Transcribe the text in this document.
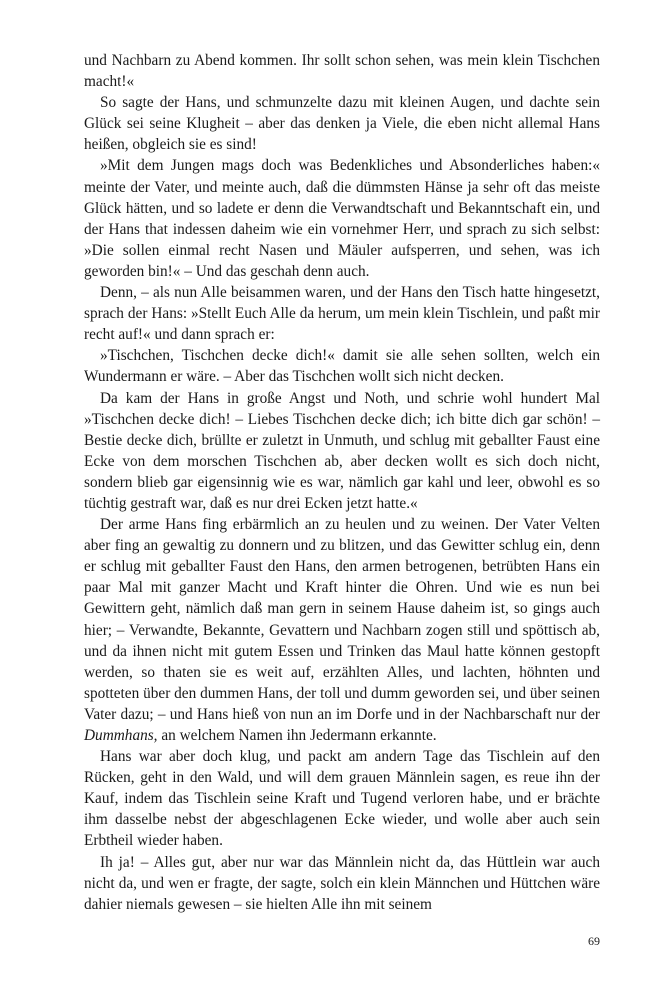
und Nachbarn zu Abend kommen. Ihr sollt schon sehen, was mein klein Tischchen macht!«

So sagte der Hans, und schmunzelte dazu mit kleinen Augen, und dachte sein Glück sei seine Klugheit – aber das denken ja Viele, die eben nicht allemal Hans heißen, obgleich sie es sind!

»Mit dem Jungen mags doch was Bedenkliches und Absonderliches haben:« meinte der Vater, und meinte auch, daß die dümmsten Hänse ja sehr oft das meiste Glück hätten, und so ladete er denn die Verwandtschaft und Bekanntschaft ein, und der Hans that indessen daheim wie ein vornehmer Herr, und sprach zu sich selbst: »Die sollen einmal recht Nasen und Mäuler aufsperren, und sehen, was ich geworden bin!« – Und das geschah denn auch.

Denn, – als nun Alle beisammen waren, und der Hans den Tisch hatte hingesetzt, sprach der Hans: »Stellt Euch Alle da herum, um mein klein Tischlein, und paßt mir recht auf!« und dann sprach er:

»Tischchen, Tischchen decke dich!« damit sie alle sehen sollten, welch ein Wundermann er wäre. – Aber das Tischchen wollt sich nicht decken.

Da kam der Hans in große Angst und Noth, und schrie wohl hundert Mal »Tischchen decke dich! – Liebes Tischchen decke dich; ich bitte dich gar schön! – Bestie decke dich, brüllte er zuletzt in Unmuth, und schlug mit geballter Faust eine Ecke von dem morschen Tischchen ab, aber decken wollt es sich doch nicht, sondern blieb gar eigensinnig wie es war, nämlich gar kahl und leer, obwohl es so tüchtig gestraft war, daß es nur drei Ecken jetzt hatte.«

Der arme Hans fing erbärmlich an zu heulen und zu weinen. Der Vater Velten aber fing an gewaltig zu donnern und zu blitzen, und das Gewitter schlug ein, denn er schlug mit geballter Faust den Hans, den armen betrogenen, betrübten Hans ein paar Mal mit ganzer Macht und Kraft hinter die Ohren. Und wie es nun bei Gewittern geht, nämlich daß man gern in seinem Hause daheim ist, so gings auch hier; – Verwandte, Bekannte, Gevattern und Nachbarn zogen still und spöttisch ab, und da ihnen nicht mit gutem Essen und Trinken das Maul hatte können gestopft werden, so thaten sie es weit auf, erzählten Alles, und lachten, höhnten und spotteten über den dummen Hans, der toll und dumm geworden sei, und über seinen Vater dazu; – und Hans hieß von nun an im Dorfe und in der Nachbarschaft nur der Dummhans, an welchem Namen ihn Jedermann erkannte.

Hans war aber doch klug, und packt am andern Tage das Tischlein auf den Rücken, geht in den Wald, und will dem grauen Männlein sagen, es reue ihn der Kauf, indem das Tischlein seine Kraft und Tugend verloren habe, und er brächte ihm dasselbe nebst der abgeschlagenen Ecke wieder, und wolle aber auch sein Erbtheil wieder haben.

Ih ja! – Alles gut, aber nur war das Männlein nicht da, das Hüttlein war auch nicht da, und wen er fragte, der sagte, solch ein klein Männchen und Hüttchen wäre dahier niemals gewesen – sie hielten Alle ihn mit seinem

69
